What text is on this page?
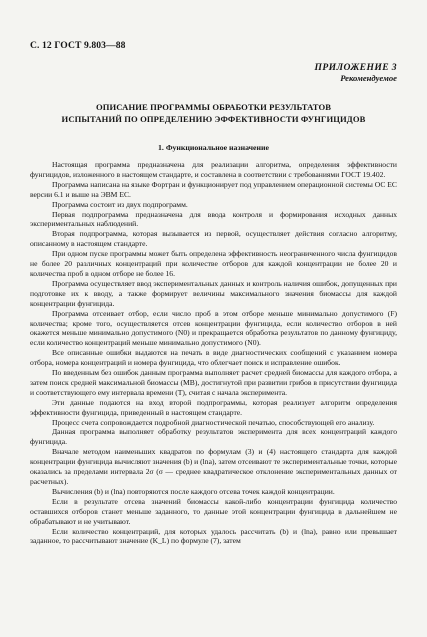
С. 12 ГОСТ 9.803—88
ПРИЛОЖЕНИЕ 3
Рекомендуемое
ОПИСАНИЕ ПРОГРАММЫ ОБРАБОТКИ РЕЗУЛЬТАТОВ
ИСПЫТАНИЙ ПО ОПРЕДЕЛЕНИЮ ЭФФЕКТИВНОСТИ ФУНГИЦИДОВ
1. Функциональное назначение

Настоящая программа предназначена для реализации алгоритма, определения эффективности фунгицидов, изложенного в настоящем стандарте, и составлена в соответствии с требованиями ГОСТ 19.402.

Программа написана на языке Фортран и функционирует под управлением операционной системы ОС ЕС версии 6.1 и выше на ЭВМ ЕС.

Программа состоит из двух подпрограмм.

Первая подпрограмма предназначена для ввода контроля и формирования исходных данных экспериментальных наблюдений.

Вторая подпрограмма, которая вызывается из первой, осуществляет действия согласно алгоритму, описанному в настоящем стандарте.

При одном пуске программы может быть определена эффективность неограниченного числа фунгицидов не более 20 различных концентраций при количестве отборов для каждой концентрации не более 20 и количества проб в одном отборе не более 16.

Программа осуществляет ввод экспериментальных данных и контроль наличия ошибок, допущенных при подготовке их к вводу, а также формирует величины максимального значения биомассы для каждой концентрации фунгицида.

Программа отсеивает отбор, если число проб в этом отборе меньше минимально допустимого (F) количества; кроме того, осуществляется отсев концентрации фунгицида, если количество отборов в ней окажется меньше минимально допустимого (N0) и прекращается обработка результатов по данному фунгициду, если количество концентраций меньше минимально допустимого (N0).

Все описанные ошибки выдаются на печать в виде диагностических сообщений с указанием номера отбора, номера концентраций и номера фунгицида, что облегчает поиск и исправление ошибок.

По введенным без ошибок данным программа выполняет расчет средней биомассы для каждого отбора, а затем поиск средней максимальной биомассы (МВ), достигнутой при развитии грибов в присутствии фунгицида и соответствующего ему интервала времени (T), считая с начала эксперимента.

Эти данные подаются на вход второй подпрограммы, которая реализует алгоритм определения эффективности фунгицида, приведенный в настоящем стандарте.

Процесс счета сопровождается подробной диагностической печатью, способствующей его анализу.

Данная программа выполняет обработку результатов эксперимента для всех концентраций каждого фунгицида.

Вначале методом наименьших квадратов по формулам (3) и (4) настоящего стандарта для каждой концентрации фунгицида вычисляют значения (b) и (lna), затем отсеивают те экспериментальные точки, которые оказались за пределами интервала 2σ (σ — среднее квадратическое отклонение экспериментальных данных от расчетных).

Вычисления (b) и (lna) повторяются после каждого отсева точек каждой концентрации.

Если в результате отсева значений биомассы какой-либо концентрации фунгицида количество оставшихся отборов станет меньше заданного, то данные этой концентрации фунгицида в дальнейшем не обрабатывают и не учитывают.

Если количество концентраций, для которых удалось рассчитать (b) и (lna), равно или превышает заданное, то рассчитывают значение (K_L) по формуле (7), затем
